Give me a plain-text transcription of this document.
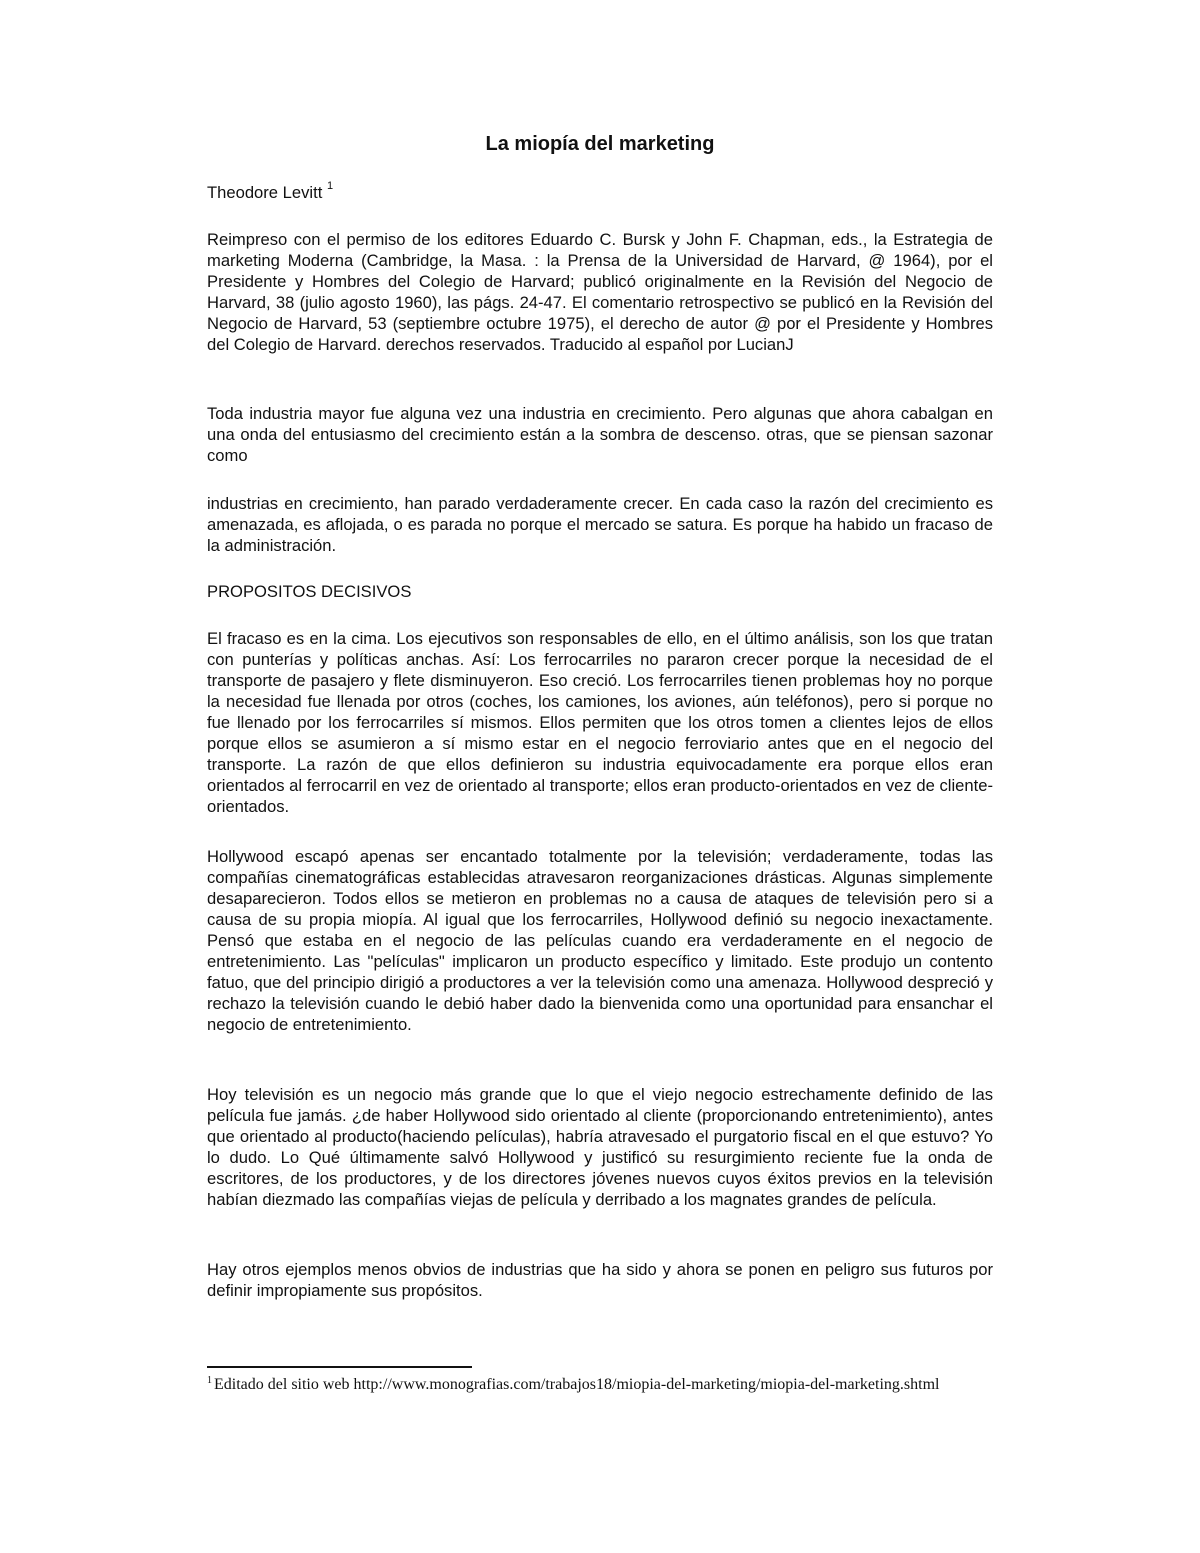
La miopía del marketing

Theodore Levitt $^1$

Reimpreso con el permiso de los editores Eduardo C. Bursk y John F. Chapman, eds., la Estrategia de marketing Moderna (Cambridge, la Masa. : la Prensa de la Universidad de Harvard, @ 1964), por el Presidente y Hombres del Colegio de Harvard; publicó originalmente en la Revisión del Negocio de Harvard, 38 (julio agosto 1960), las págs. 24-47. El comentario retrospectivo se publicó en la Revisión del Negocio de Harvard, 53 (septiembre octubre 1975), el derecho de autor @ por el Presidente y Hombres del Colegio de Harvard. derechos reservados. Traducido al español por LucianJ

Toda industria mayor fue alguna vez una industria en crecimiento. Pero algunas que ahora cabalgan en una onda del entusiasmo del crecimiento están a la sombra de descenso. otras, que se piensan sazonar como

industrias en crecimiento, han parado verdaderamente crecer. En cada caso la razón del crecimiento es amenazada, es aflojada, o es parada no porque el mercado se satura. Es porque ha habido un fracaso de la administración.

PROPOSITOS DECISIVOS

El fracaso es en la cima. Los ejecutivos son responsables de ello, en el último análisis, son los que tratan con punterías y políticas anchas. Así: Los ferrocarriles no pararon crecer porque la necesidad de el transporte de pasajero y flete disminuyeron. Eso creció. Los ferrocarriles tienen problemas hoy no porque la necesidad fue llenada por otros (coches, los camiones, los aviones, aún teléfonos), pero si porque no fue llenado por los ferrocarriles sí mismos. Ellos permiten que los otros tomen a clientes lejos de ellos porque ellos se asumieron a sí mismo estar en el negocio ferroviario antes que en el negocio del transporte. La razón de que ellos definieron su industria equivocadamente era porque ellos eran orientados al ferrocarril en vez de orientado al transporte; ellos eran producto-orientados en vez de cliente-orientados.

Hollywood escapó apenas ser encantado totalmente por la televisión; verdaderamente, todas las compañías cinematográficas establecidas atravesaron reorganizaciones drásticas. Algunas simplemente desaparecieron. Todos ellos se metieron en problemas no a causa de ataques de televisión pero si a causa de su propia miopía. Al igual que los ferrocarriles, Hollywood definió su negocio inexactamente. Pensó que estaba en el negocio de las películas cuando era verdaderamente en el negocio de entretenimiento. Las "películas" implicaron un producto específico y limitado. Este produjo un contento fatuo, que del principio dirigió a productores a ver la televisión como una amenaza. Hollywood despreció y rechazo la televisión cuando le debió haber dado la bienvenida como una oportunidad para ensanchar el negocio de entretenimiento.

Hoy televisión es un negocio más grande que lo que el viejo negocio estrechamente definido de las película fue jamás. ¿de haber Hollywood sido orientado al cliente (proporcionando entretenimiento), antes que orientado al producto(haciendo películas), habría atravesado el purgatorio fiscal en el que estuvo? Yo lo dudo. Lo Qué últimamente salvó Hollywood y justificó su resurgimiento reciente fue la onda de escritores, de los productores, y de los directores jóvenes nuevos cuyos éxitos previos en la televisión habían diezmado las compañías viejas de película y derribado a los magnates grandes de película.

Hay otros ejemplos menos obvios de industrias que ha sido y ahora se ponen en peligro sus futuros por definir impropiamente sus propósitos.

$^1$ Editado del sitio web http://www.monografias.com/trabajos18/miopia-del-marketing/miopia-del-marketing.shtml
